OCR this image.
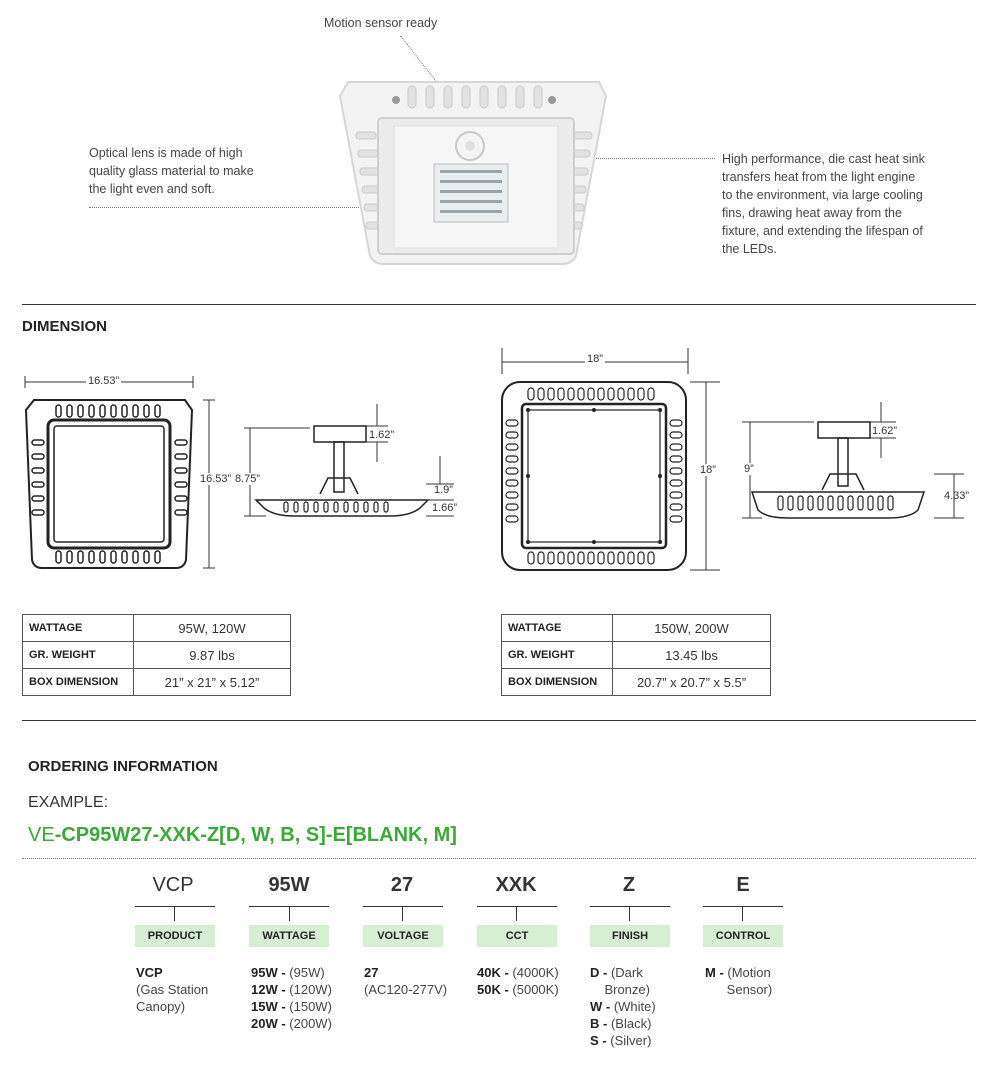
Motion sensor ready
Optical lens is made of high
quality glass material to make
the light even and soft.
High performance, die cast heat sink
transfers heat from the light engine
to the environment, via large cooling
fins, drawing heat away from the
fixture, and extending the lifespan of
the LEDs.
DIMENSION
16.53”
16.53”
1.62”
8.75”
1.9”
1.66”
18”
18”
1.62”
9”
4.33”
WATTAGE	95W, 120W
GR. WEIGHT	9.87 lbs
BOX DIMENSION	21” x 21” x 5.12”
WATTAGE	150W, 200W
GR. WEIGHT	13.45 lbs
BOX DIMENSION	20.7” x 20.7” x 5.5”
ORDERING INFORMATION
EXAMPLE:
VE-CP95W27-XXK-Z[D, W, B, S]-E[BLANK, M]
VCP
PRODUCT
VCP
(Gas Station
Canopy)
95W
WATTAGE
95W - (95W)
12W - (120W)
15W - (150W)
20W - (200W)
27
VOLTAGE
27
(AC120-277V)
XXK
CCT
40K - (4000K)
50K - (5000K)
Z
FINISH
D - (Dark
Bronze)
W - (White)
B - (Black)
S - (Silver)
E
CONTROL
M - (Motion
Sensor)
